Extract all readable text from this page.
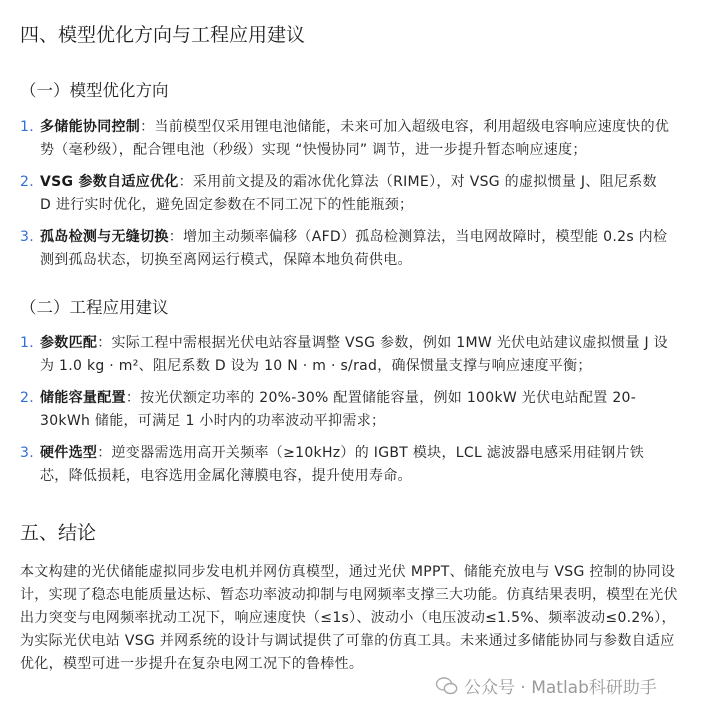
四、模型优化方向与工程应用建议
（一）模型优化方向
1. 多储能协同控制：当前模型仅采用锂电池储能，未来可加入超级电容，利用超级电容响应速度快的优势（毫秒级），配合锂电池（秒级）实现 “快慢协同” 调节，进一步提升暂态响应速度；
2. VSG 参数自适应优化：采用前文提及的霜冰优化算法（RIME），对 VSG 的虚拟惯量 J、阻尼系数 D 进行实时优化，避免固定参数在不同工况下的性能瓶颈；
3. 孤岛检测与无缝切换：增加主动频率偏移（AFD）孤岛检测算法，当电网故障时，模型能 0.2s 内检测到孤岛状态，切换至离网运行模式，保障本地负荷供电。
（二）工程应用建议
1. 参数匹配：实际工程中需根据光伏电站容量调整 VSG 参数，例如 1MW 光伏电站建议虚拟惯量 J 设为 1.0 kg · m²、阻尼系数 D 设为 10 N · m · s/rad，确保惯量支撑与响应速度平衡；
2. 储能容量配置：按光伏额定功率的 20%-30% 配置储能容量，例如 100kW 光伏电站配置 20-30kWh 储能，可满足 1 小时内的功率波动平抑需求；
3. 硬件选型：逆变器需选用高开关频率（≥10kHz）的 IGBT 模块，LCL 滤波器电感采用硅钢片铁芯，降低损耗，电容选用金属化薄膜电容，提升使用寿命。
五、结论
本文构建的光伏储能虚拟同步发电机并网仿真模型，通过光伏 MPPT、储能充放电与 VSG 控制的协同设计，实现了稳态电能质量达标、暂态功率波动抑制与电网频率支撑三大功能。仿真结果表明，模型在光伏出力突变与电网频率扰动工况下，响应速度快（≤1s）、波动小（电压波动≤1.5%、频率波动≤0.2%），为实际光伏电站 VSG 并网系统的设计与调试提供了可靠的仿真工具。未来通过多储能协同与参数自适应优化，模型可进一步提升在复杂电网工况下的鲁棒性。
公众号 · Matlab科研助手
